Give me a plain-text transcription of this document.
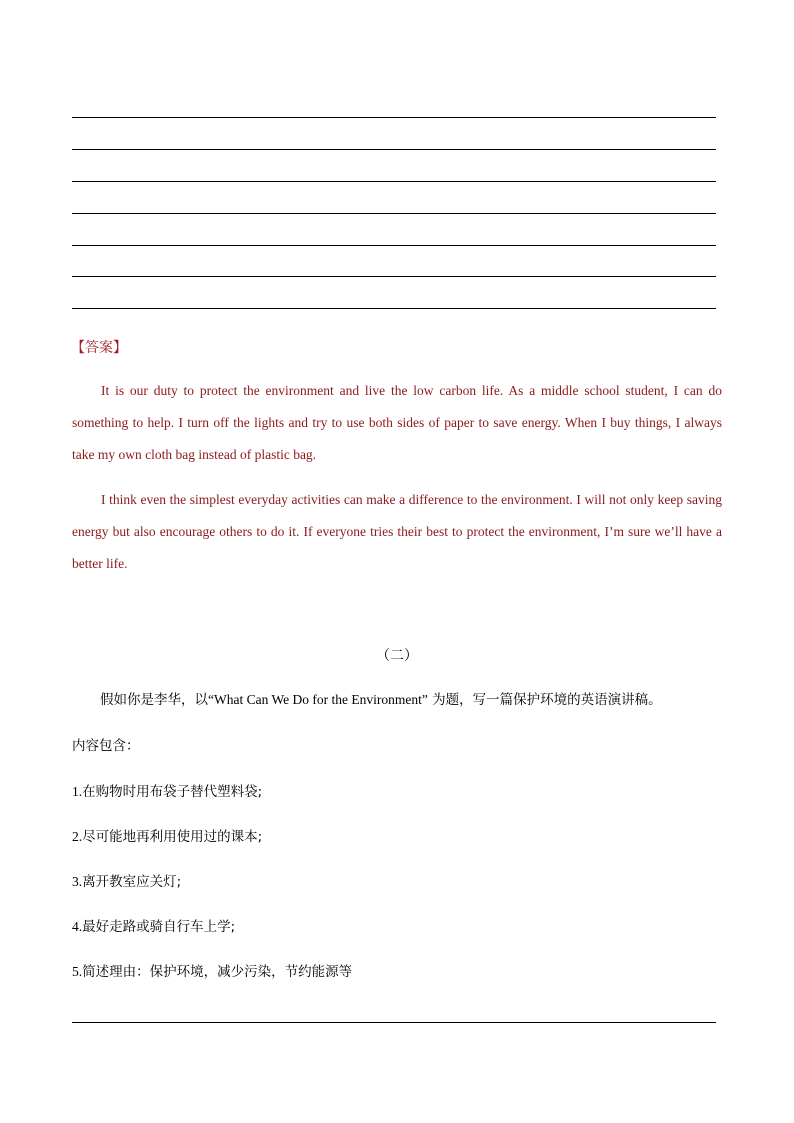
【答案】

It is our duty to protect the environment and live the low carbon life. As a middle school student, I can do something to help. I turn off the lights and try to use both sides of paper to save energy. When I buy things, I always take my own cloth bag instead of plastic bag.

I think even the simplest everyday activities can make a difference to the environment. I will not only keep saving energy but also encourage others to do it. If everyone tries their best to protect the environment, I’m sure we’ll have a better life.

（二）
假如你是李华，以“What Can We Do for the Environment” 为题，写一篇保护环境的英语演讲稿。
内容包含：
1.在购物时用布袋子替代塑料袋;
2.尽可能地再利用使用过的课本;
3.离开教室应关灯;
4.最好走路或骑自行车上学;
5.简述理由：保护环境，减少污染，节约能源等
